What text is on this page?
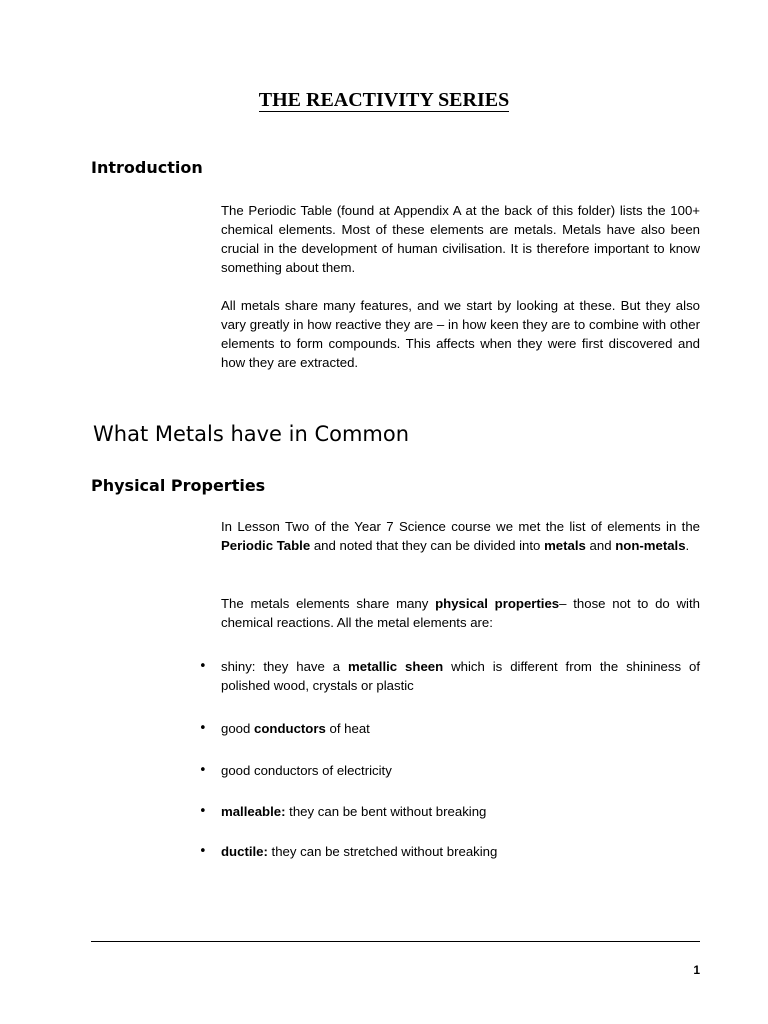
THE REACTIVITY SERIES
Introduction

The Periodic Table (found at Appendix A at the back of this folder) lists the 100+ chemical elements. Most of these elements are metals. Metals have also been crucial in the development of human civilisation. It is therefore important to know something about them.

All metals share many features, and we start by looking at these. But they also vary greatly in how reactive they are – in how keen they are to combine with other elements to form compounds. This affects when they were first discovered and how they are extracted.

What Metals have in Common
Physical Properties

In Lesson Two of the Year 7 Science course we met the list of elements in the Periodic Table and noted that they can be divided into metals and non-metals.

The metals elements share many physical properties– those not to do with chemical reactions. All the metal elements are:

• shiny: they have a metallic sheen which is different from the shininess of polished wood, crystals or plastic

• good conductors of heat

• good conductors of electricity

• malleable: they can be bent without breaking

• ductile: they can be stretched without breaking

1
